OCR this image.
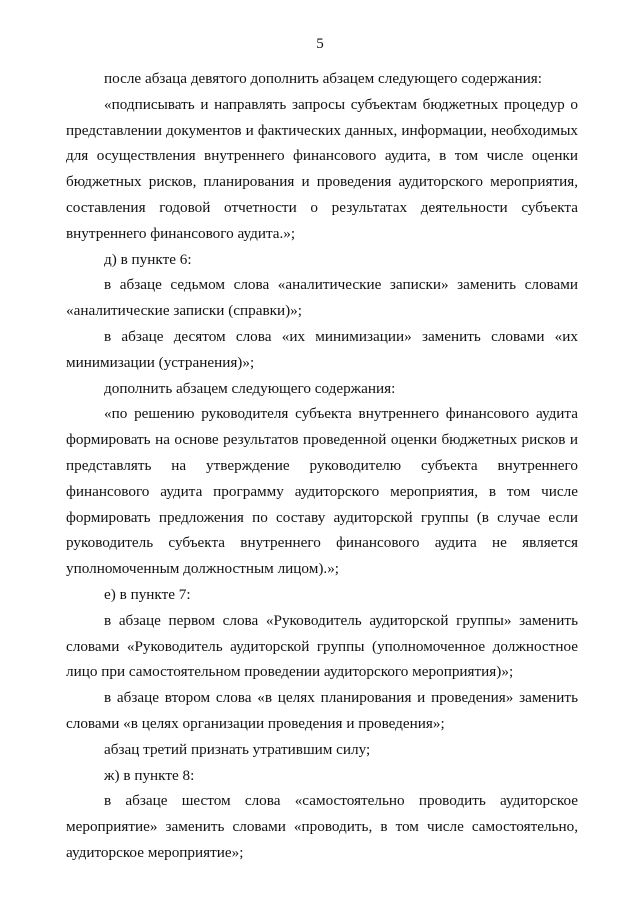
5

после абзаца девятого дополнить абзацем следующего содержания:

«подписывать и направлять запросы субъектам бюджетных процедур о представлении документов и фактических данных, информации, необходимых для осуществления внутреннего финансового аудита, в том числе оценки бюджетных рисков, планирования и проведения аудиторского мероприятия, составления годовой отчетности о результатах деятельности субъекта внутреннего финансового аудита.»;

д) в пункте 6:

в абзаце седьмом слова «аналитические записки» заменить словами «аналитические записки (справки)»;

в абзаце десятом слова «их минимизации» заменить словами «их минимизации (устранения)»;

дополнить абзацем следующего содержания:

«по решению руководителя субъекта внутреннего финансового аудита формировать на основе результатов проведенной оценки бюджетных рисков и представлять на утверждение руководителю субъекта внутреннего финансового аудита программу аудиторского мероприятия, в том числе формировать предложения по составу аудиторской группы (в случае если руководитель субъекта внутреннего финансового аудита не является уполномоченным должностным лицом).»;

е) в пункте 7:

в абзаце первом слова «Руководитель аудиторской группы» заменить словами «Руководитель аудиторской группы (уполномоченное должностное лицо при самостоятельном проведении аудиторского мероприятия)»;

в абзаце втором слова «в целях планирования и проведения» заменить словами «в целях организации проведения и проведения»;

абзац третий признать утратившим силу;

ж) в пункте 8:

в абзаце шестом слова «самостоятельно проводить аудиторское мероприятие» заменить словами «проводить, в том числе самостоятельно, аудиторское мероприятие»;
